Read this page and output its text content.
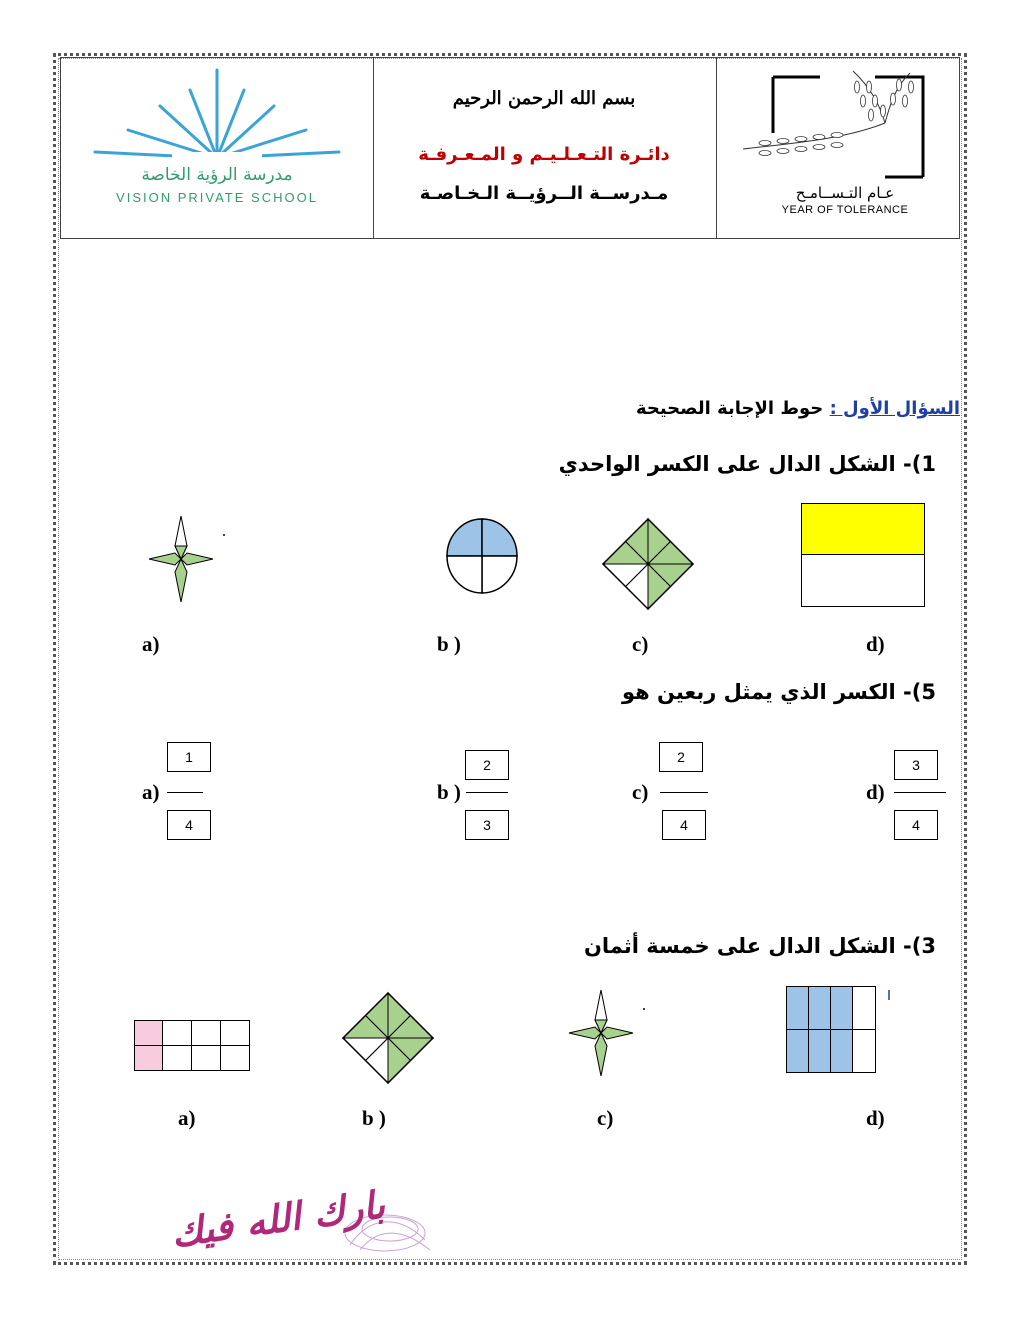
مدرسة الرؤية الخاصة
VISION PRIVATE SCHOOL
بسم الله الرحمن الرحيم
دائـرة التـعـلـيـم و المـعـرفـة
مـدرســة الــرؤيــة الـخـاصـة	عـام التـســامـح
YEAR OF TOLERANCE
السؤال الأول : حوط الإجابة الصحيحة
1)- الشكل الدال على الكسر الواحدي
a)	b )	c)	d)
5)- الكسر الذي يمثل ربعين هو
a)
1
4
b )
2
3
c)
2
4
d)
3
4
3)- الشكل الدال على خمسة أثمان
a)	b )	c)	d)
بارك الله فيك
